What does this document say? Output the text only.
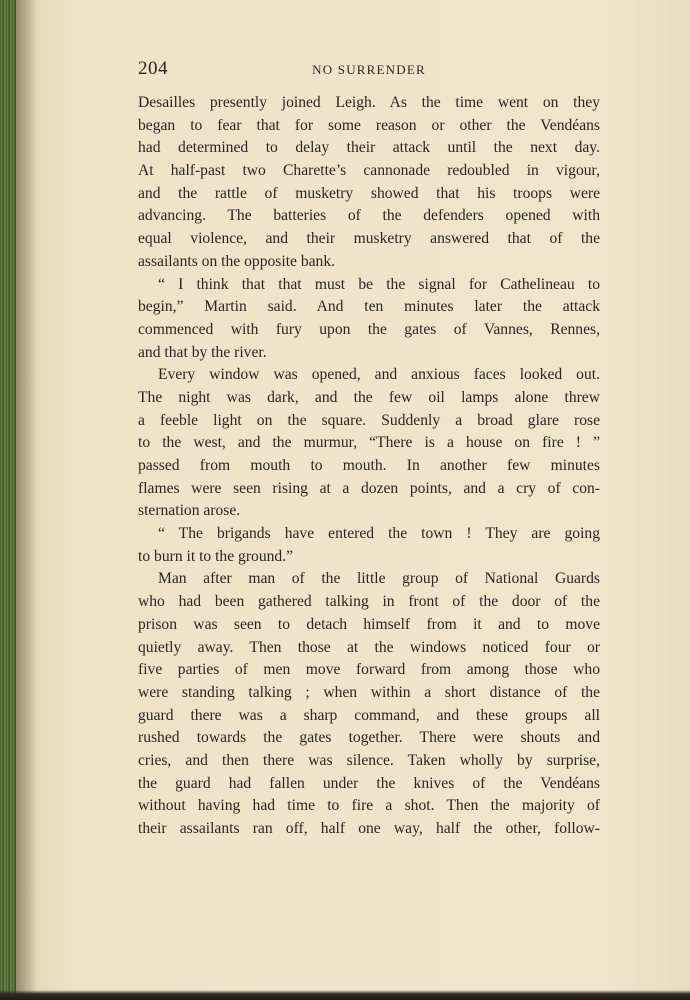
204	NO SURRENDER
Desailles presently joined Leigh. As the time went on they
began to fear that for some reason or other the Vendéans
had determined to delay their attack until the next day.
At half-past two Charette’s cannonade redoubled in vigour,
and the rattle of musketry showed that his troops were
advancing. The batteries of the defenders opened with
equal violence, and their musketry answered that of the
assailants on the opposite bank.
“ I think that that must be the signal for Cathelineau to
begin,” Martin said. And ten minutes later the attack
commenced with fury upon the gates of Vannes, Rennes,
and that by the river.
Every window was opened, and anxious faces looked out.
The night was dark, and the few oil lamps alone threw
a feeble light on the square. Suddenly a broad glare rose
to the west, and the murmur, “There is a house on fire ! ”
passed from mouth to mouth. In another few minutes
flames were seen rising at a dozen points, and a cry of con-
sternation arose.
“ The brigands have entered the town ! They are going
to burn it to the ground.”
Man after man of the little group of National Guards
who had been gathered talking in front of the door of the
prison was seen to detach himself from it and to move
quietly away. Then those at the windows noticed four or
five parties of men move forward from among those who
were standing talking ; when within a short distance of the
guard there was a sharp command, and these groups all
rushed towards the gates together. There were shouts and
cries, and then there was silence. Taken wholly by surprise,
the guard had fallen under the knives of the Vendéans
without having had time to fire a shot. Then the majority of
their assailants ran off, half one way, half the other, follow-
